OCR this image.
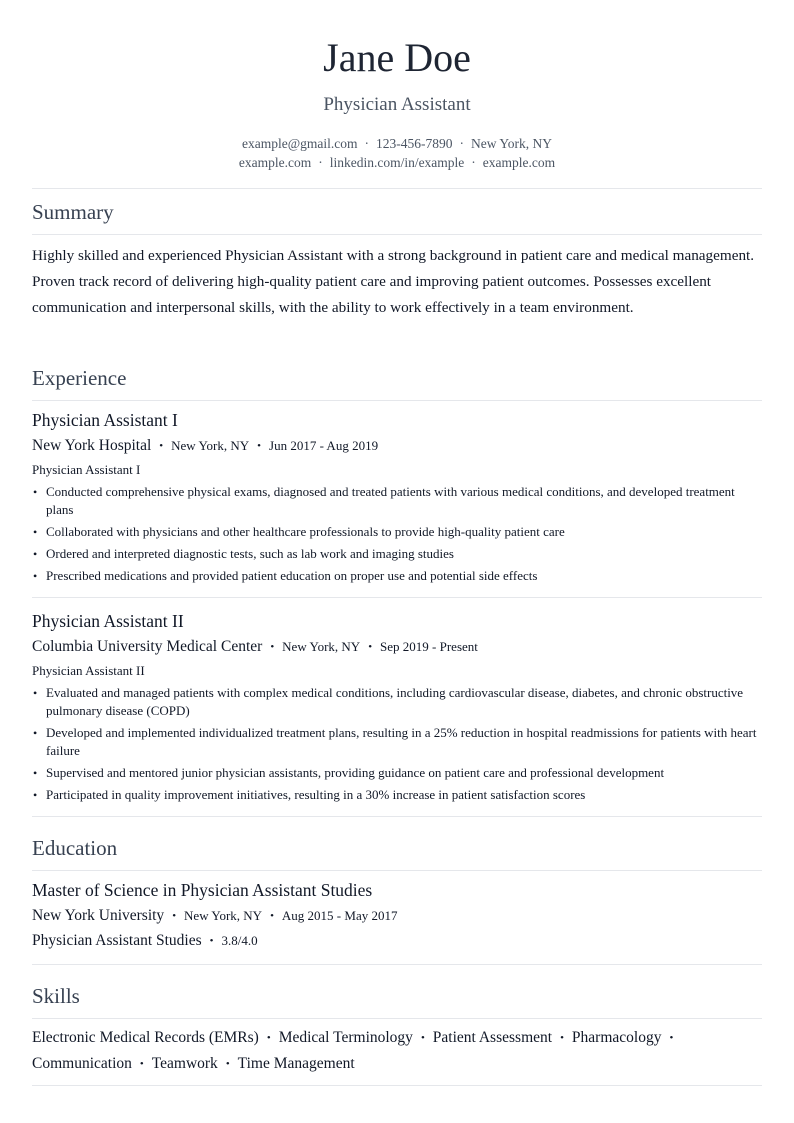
Jane Doe
Physician Assistant
example@gmail.com · 123-456-7890 · New York, NY
example.com · linkedin.com/in/example · example.com
Summary
Highly skilled and experienced Physician Assistant with a strong background in patient care and medical management. Proven track record of delivering high-quality patient care and improving patient outcomes. Possesses excellent communication and interpersonal skills, with the ability to work effectively in a team environment.
Experience
Physician Assistant I
New York Hospital • New York, NY • Jun 2017 - Aug 2019
Physician Assistant I
• Conducted comprehensive physical exams, diagnosed and treated patients with various medical conditions, and developed treatment plans
• Collaborated with physicians and other healthcare professionals to provide high-quality patient care
• Ordered and interpreted diagnostic tests, such as lab work and imaging studies
• Prescribed medications and provided patient education on proper use and potential side effects
Physician Assistant II
Columbia University Medical Center • New York, NY • Sep 2019 - Present
Physician Assistant II
• Evaluated and managed patients with complex medical conditions, including cardiovascular disease, diabetes, and chronic obstructive pulmonary disease (COPD)
• Developed and implemented individualized treatment plans, resulting in a 25% reduction in hospital readmissions for patients with heart failure
• Supervised and mentored junior physician assistants, providing guidance on patient care and professional development
• Participated in quality improvement initiatives, resulting in a 30% increase in patient satisfaction scores
Education
Master of Science in Physician Assistant Studies
New York University • New York, NY • Aug 2015 - May 2017
Physician Assistant Studies • 3.8/4.0
Skills
Electronic Medical Records (EMRs) • Medical Terminology • Patient Assessment • Pharmacology •
Communication • Teamwork • Time Management
